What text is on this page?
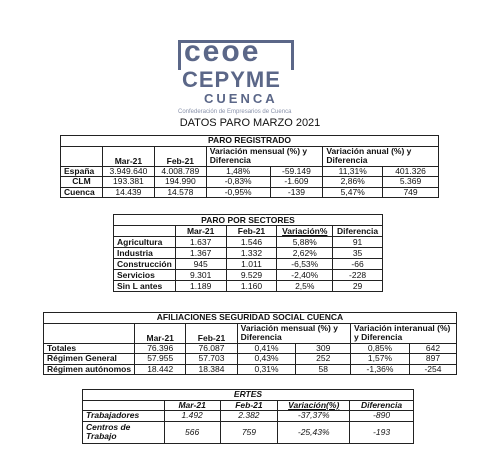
ceoe
CEPYME
CUENCA
Confederación de Empresarios de Cuenca
DATOS PARO MARZO 2021
PARO REGISTRADO						
	Mar-21	Feb-21	Variación mensual (%) y Diferencia		Variación anual (%) y Diferencia	
España	3.949.640	4.008.789	1,48%	-59.149	11,31%	401.326
CLM	193.381	194.990	-0,83%	-1.609	2,86%	5.369
Cuenca	14.439	14.578	-0,95%	-139	5,47%	749
PARO POR SECTORES				
	Mar-21	Feb-21	Variación%	Diferencia
Agricultura	1.637	1.546	5,88%	91
Industria	1.367	1.332	2,62%	35
Construcción	945	1.011	-6,53%	-66
Servicios	9.301	9.529	-2,40%	-228
Sin L antes	1.189	1.160	2,5%	29
AFILIACIONES SEGURIDAD SOCIAL CUENCA						
	Mar-21	Feb-21	Variación mensual (%) y Diferencia		Variación interanual (%) y Diferencia	
Totales	76.396	76.087	0,41%	309	0,85%	642
Régimen General	57.955	57.703	0,43%	252	1,57%	897
Régimen autónomos	18.442	18.384	0,31%	58	-1,36%	-254
ERTES				
	Mar-21	Feb-21	Variación(%)	Diferencia
Trabajadores	1.492	2.382	-37,37%	-890
Centros de Trabajo	566	759	-25,43%	-193
